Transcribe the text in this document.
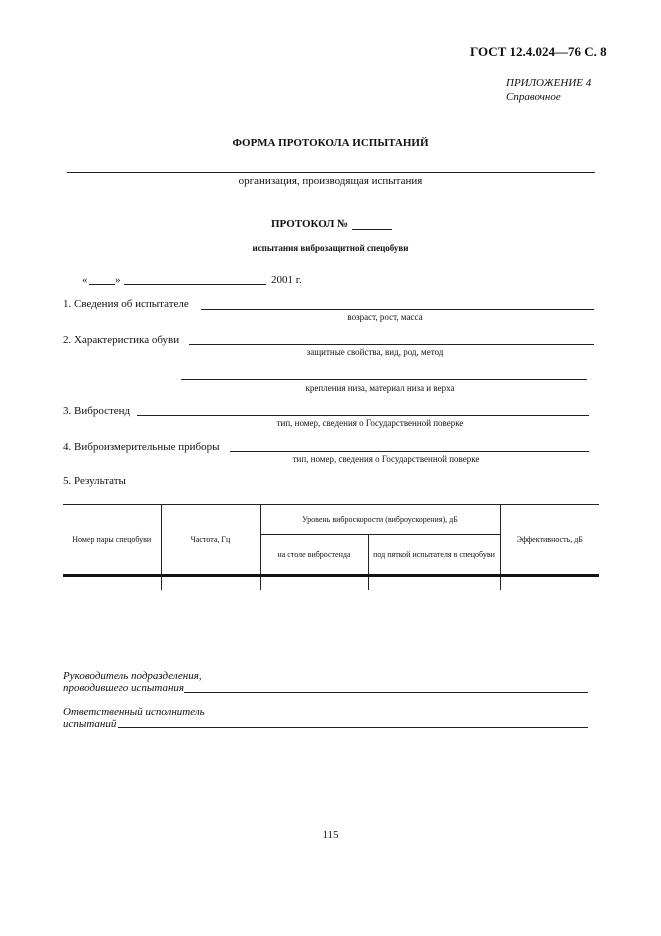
ГОСТ 12.4.024—76 С. 8
ПРИЛОЖЕНИЕ 4
Справочное
ФОРМА ПРОТОКОЛА ИСПЫТАНИЙ
организация, производящая испытания
ПРОТОКОЛ №
испытания виброзащитной спецобуви
«	»	2001 г.
1. Сведения об испытателе
возраст, рост, масса
2. Характеристика обуви
защитные свойства, вид, род, метод
крепления низа, материал низа и верха
3. Вибростенд
тип, номер, сведения о Государственной поверке
4. Виброизмерительные приборы
тип, номер, сведения о Государственной поверке
5. Результаты
Номер пары спецобуви	Частота, Гц	Уровень виброскорости (виброускорения), дБ		Эффективность, дБ
		на столе вибростенда	под пяткой испытателя в спецобуви	

Руководитель подразделения,
проводившего испытания
Ответственный исполнитель
испытаний
115
